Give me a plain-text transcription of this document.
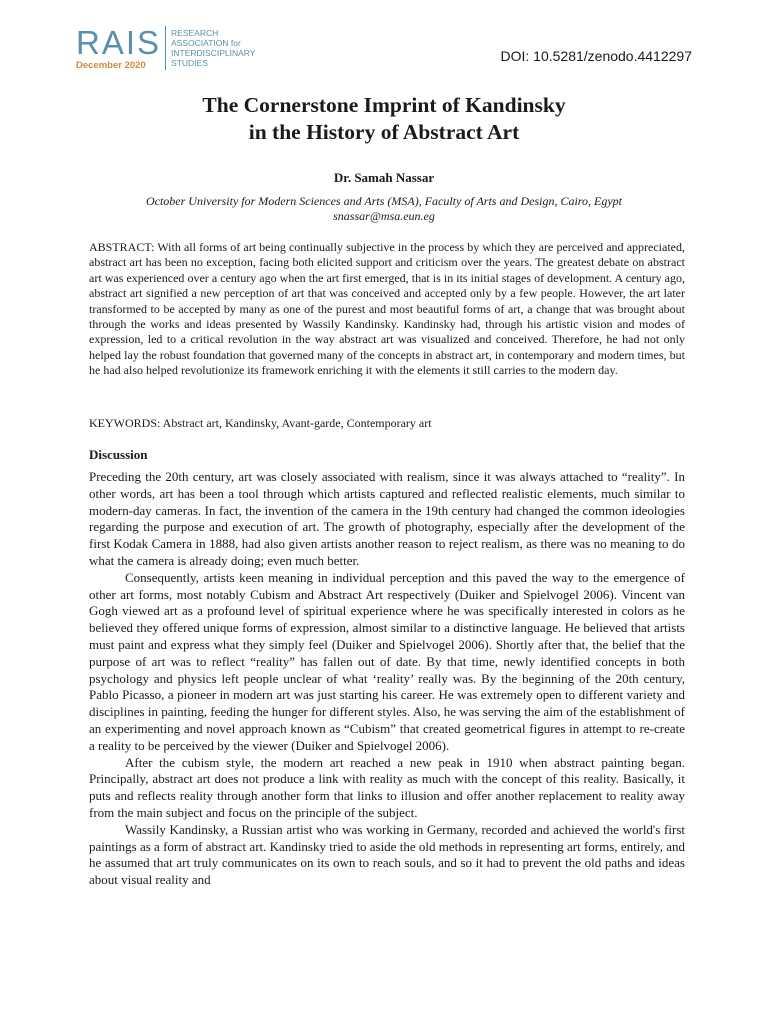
RAIS
December 2020
RESEARCH
ASSOCIATION for
INTERDISCIPLINARY
STUDIES	DOI: 10.5281/zenodo.4412297
The Cornerstone Imprint of Kandinsky
in the History of Abstract Art
Dr. Samah Nassar
October University for Modern Sciences and Arts (MSA), Faculty of Arts and Design, Cairo, Egypt
snassar@msa.eun.eg
ABSTRACT: With all forms of art being continually subjective in the process by which they are perceived and appreciated, abstract art has been no exception, facing both elicited support and criticism over the years. The greatest debate on abstract art was experienced over a century ago when the art first emerged, that is in its initial stages of development. A century ago, abstract art signified a new perception of art that was conceived and accepted only by a few people. However, the art later transformed to be accepted by many as one of the purest and most beautiful forms of art, a change that was brought about through the works and ideas presented by Wassily Kandinsky. Kandinsky had, through his artistic vision and modes of expression, led to a critical revolution in the way abstract art was visualized and conceived. Therefore, he had not only helped lay the robust foundation that governed many of the concepts in abstract art, in contemporary and modern times, but he had also helped revolutionize its framework enriching it with the elements it still carries to the modern day.
KEYWORDS: Abstract art, Kandinsky, Avant-garde, Contemporary art
Discussion

Preceding the 20th century, art was closely associated with realism, since it was always attached to “reality”. In other words, art has been a tool through which artists captured and reflected realistic elements, much similar to modern-day cameras. In fact, the invention of the camera in the 19th century had changed the common ideologies regarding the purpose and execution of art. The growth of photography, especially after the development of the first Kodak Camera in 1888, had also given artists another reason to reject realism, as there was no meaning to do what the camera is already doing; even much better.

Consequently, artists keen meaning in individual perception and this paved the way to the emergence of other art forms, most notably Cubism and Abstract Art respectively (Duiker and Spielvogel 2006). Vincent van Gogh viewed art as a profound level of spiritual experience where he was specifically interested in colors as he believed they offered unique forms of expression, almost similar to a distinctive language. He believed that artists must paint and express what they simply feel (Duiker and Spielvogel 2006). Shortly after that, the belief that the purpose of art was to reflect “reality” has fallen out of date. By that time, newly identified concepts in both psychology and physics left people unclear of what ‘reality’ really was. By the beginning of the 20th century, Pablo Picasso, a pioneer in modern art was just starting his career. He was extremely open to different variety and disciplines in painting, feeding the hunger for different styles. Also, he was serving the aim of the establishment of an experimenting and novel approach known as “Cubism” that created geometrical figures in attempt to re-create a reality to be perceived by the viewer (Duiker and Spielvogel 2006).

After the cubism style, the modern art reached a new peak in 1910 when abstract painting began. Principally, abstract art does not produce a link with reality as much with the concept of this reality. Basically, it puts and reflects reality through another form that links to illusion and offer another replacement to reality away from the main subject and focus on the principle of the subject.

Wassily Kandinsky, a Russian artist who was working in Germany, recorded and achieved the world's first paintings as a form of abstract art. Kandinsky tried to aside the old methods in representing art forms, entirely, and he assumed that art truly communicates on its own to reach souls, and so it had to prevent the old paths and ideas about visual reality and
